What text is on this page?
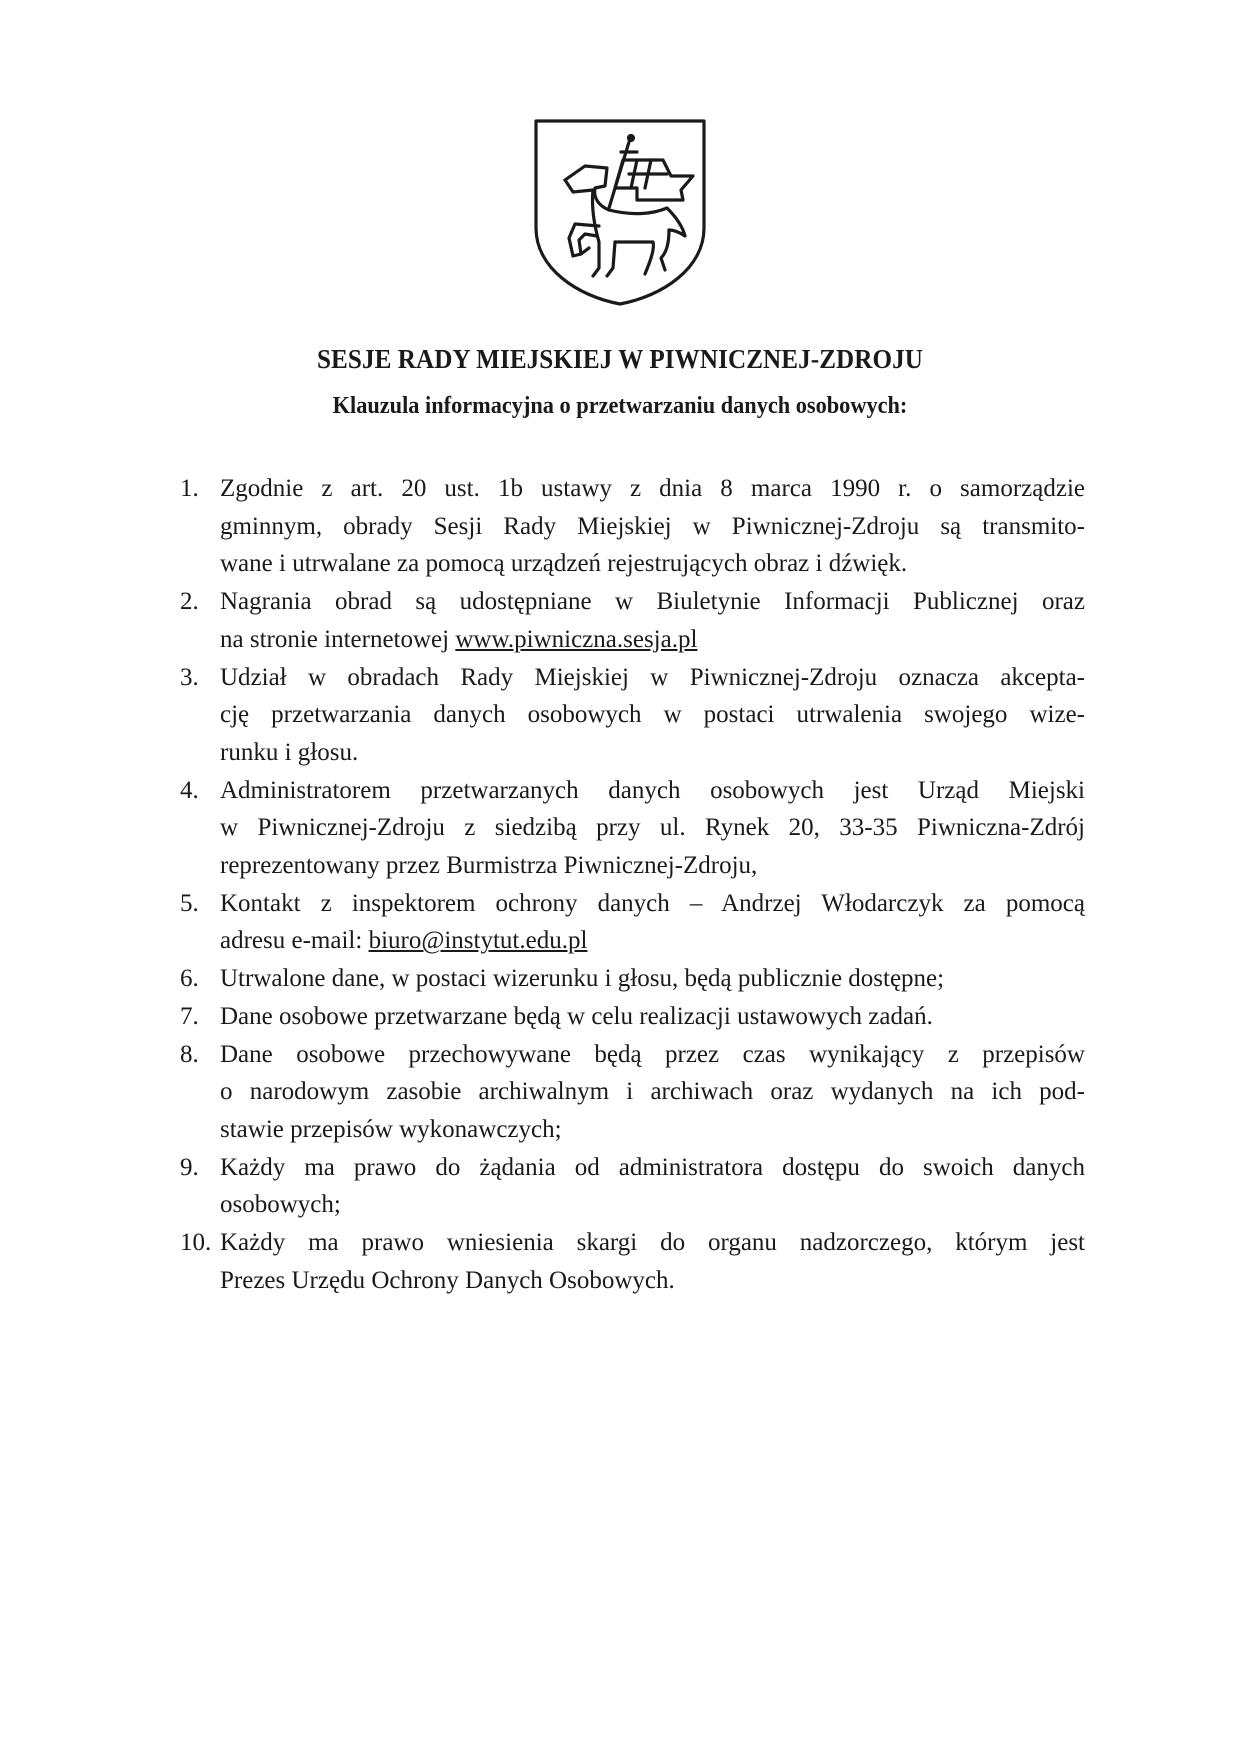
SESJE RADY MIEJSKIEJ W PIWNICZNEJ-ZDROJU
Klauzula informacyjna o przetwarzaniu danych osobowych:
1. Zgodnie z art. 20 ust. 1b ustawy z dnia 8 marca 1990 r. o samorządzie
gminnym, obrady Sesji Rady Miejskiej w Piwnicznej-Zdroju są transmito-
wane i utrwalane za pomocą urządzeń rejestrujących obraz i dźwięk.
2. Nagrania obrad są udostępniane w Biuletynie Informacji Publicznej oraz
na stronie internetowej www.piwniczna.sesja.pl
3. Udział w obradach Rady Miejskiej w Piwnicznej-Zdroju oznacza akcepta-
cję przetwarzania danych osobowych w postaci utrwalenia swojego wize-
runku i głosu.
4. Administratorem przetwarzanych danych osobowych jest Urząd Miejski
w Piwnicznej-Zdroju z siedzibą przy ul. Rynek 20, 33-35 Piwniczna-Zdrój
reprezentowany przez Burmistrza Piwnicznej-Zdroju,
5. Kontakt z inspektorem ochrony danych – Andrzej Włodarczyk za pomocą
adresu e-mail: biuro@instytut.edu.pl
6. Utrwalone dane, w postaci wizerunku i głosu, będą publicznie dostępne;
7. Dane osobowe przetwarzane będą w celu realizacji ustawowych zadań.
8. Dane osobowe przechowywane będą przez czas wynikający z przepisów
o narodowym zasobie archiwalnym i archiwach oraz wydanych na ich pod-
stawie przepisów wykonawczych;
9. Każdy ma prawo do żądania od administratora dostępu do swoich danych
osobowych;
10. Każdy ma prawo wniesienia skargi do organu nadzorczego, którym jest
Prezes Urzędu Ochrony Danych Osobowych.
